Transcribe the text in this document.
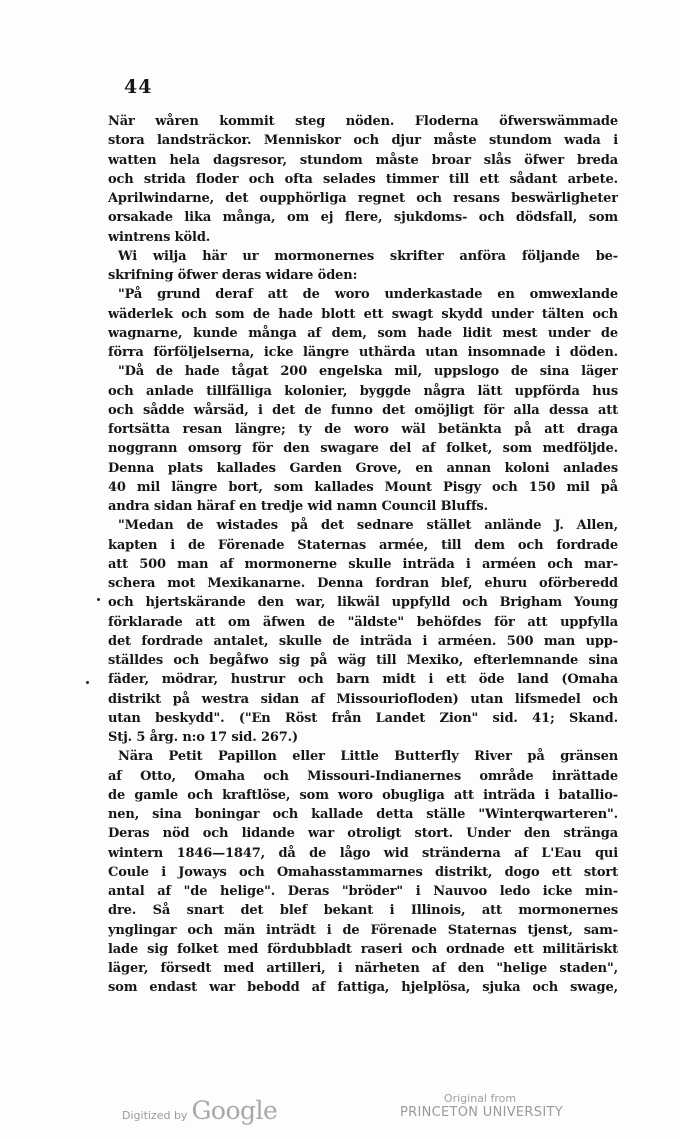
44
När wåren kommit steg nöden. Floderna öfwerswämmade
stora landsträckor. Menniskor och djur måste stundom wada i
watten hela dagsresor, stundom måste broar slås öfwer breda
och strida floder och ofta selades timmer till ett sådant arbete.
Aprilwindarne, det oupphörliga regnet och resans beswärligheter
orsakade lika många, om ej flere, sjukdoms- och dödsfall, som
wintrens köld.
Wi wilja här ur mormonernes skrifter anföra följande be-
skrifning öfwer deras widare öden:
"På grund deraf att de woro underkastade en omwexlande
wäderlek och som de hade blott ett swagt skydd under tälten och
wagnarne, kunde många af dem, som hade lidit mest under de
förra förföljelserna, icke längre uthärda utan insomnade i döden.
"Då de hade tågat 200 engelska mil, uppslogo de sina läger
och anlade tillfälliga kolonier, byggde några lätt uppförda hus
och sådde wårsäd, i det de funno det omöjligt för alla dessa att
fortsätta resan längre; ty de woro wäl betänkta på att draga
noggrann omsorg för den swagare del af folket, som medföljde.
Denna plats kallades Garden Grove, en annan koloni anlades
40 mil längre bort, som kallades Mount Pisgy och 150 mil på
andra sidan häraf en tredje wid namn Council Bluffs.
"Medan de wistades på det sednare stället anlände J. Allen,
kapten i de Förenade Staternas armée, till dem och fordrade
att 500 man af mormonerne skulle inträda i arméen och mar-
schera mot Mexikanarne. Denna fordran blef, ehuru oförberedd
och hjertskärande den war, likwäl uppfylld och Brigham Young
förklarade att om äfwen de "äldste" behöfdes för att uppfylla
det fordrade antalet, skulle de inträda i arméen. 500 man upp-
ställdes och begåfwo sig på wäg till Mexiko, efterlemnande sina
fäder, mödrar, hustrur och barn midt i ett öde land (Omaha
distrikt på westra sidan af Missouriofloden) utan lifsmedel och
utan beskydd". ("En Röst från Landet Zion" sid. 41; Skand.
Stj. 5 årg. n:o 17 sid. 267.)
Nära Petit Papillon eller Little Butterfly River på gränsen
af Otto, Omaha och Missouri-Indianernes område inrättade
de gamle och kraftlöse, som woro obugliga att inträda i batallio-
nen, sina boningar och kallade detta ställe "Winterqwarteren".
Deras nöd och lidande war otroligt stort. Under den stränga
wintern 1846—1847, då de lågo wid stränderna af L'Eau qui
Coule i Joways och Omahasstammarnes distrikt, dogo ett stort
antal af "de helige". Deras "bröder" i Nauvoo ledo icke min-
dre. Så snart det blef bekant i Illinois, att mormonernes
ynglingar och män inträdt i de Förenade Staternas tjenst, sam-
lade sig folket med fördubbladt raseri och ordnade ett militäriskt
läger, försedt med artilleri, i närheten af den "helige staden",
som endast war bebodd af fattiga, hjelplösa, sjuka och swage,
Digitized by Google	Original from
PRINCETON UNIVERSITY
